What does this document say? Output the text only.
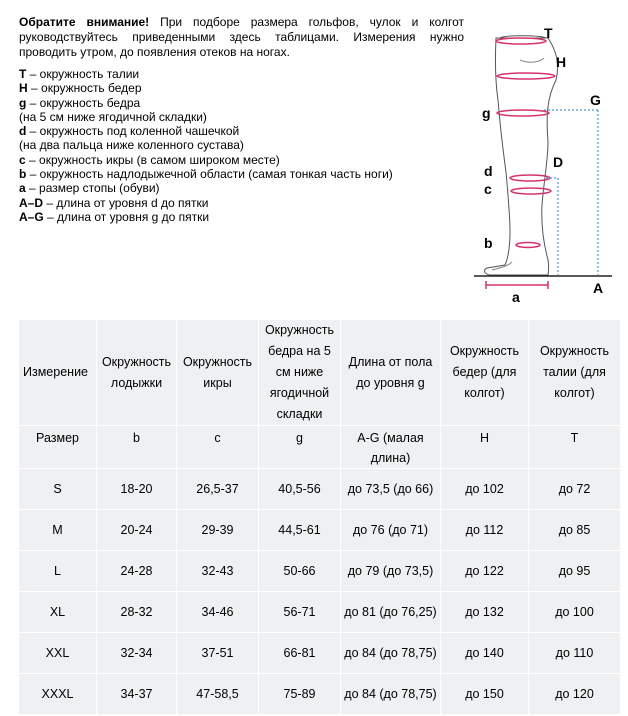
Обратите внимание! При подборе размера гольфов, чулок и колгот руководствуйтесь приведенными здесь таблицами. Измерения нужно проводить утром, до появления отеков на ногах.
T – окружность талии
H – окружность бедер
g – окружность бедра
(на 5 см ниже ягодичной складки)
d – окружность под коленной чашечкой
(на два пальца ниже коленного сустава)
c – окружность икры (в самом широком месте)
b – окружность надлодыжечной области (самая тонкая часть ноги)
a – размер стопы (обуви)
A–D – длина от уровня d до пятки
A–G – длина от уровня g до пятки
T
H
G
g
D
d
c
b
a
A
Измерение	Окружность лодыжки	Окружность икры	Окружность бедра на 5 см ниже ягодичной складки	Длина от пола до уровня g	Окружность бедер (для колгот)	Окружность талии (для колгот)
Размер	b	c	g	A-G (малая длина)	H	T
S	18-20	26,5-37	40,5-56	до 73,5 (до 66)	до 102	до 72
M	20-24	29-39	44,5-61	до 76 (до 71)	до 112	до 85
L	24-28	32-43	50-66	до 79 (до 73,5)	до 122	до 95
XL	28-32	34-46	56-71	до 81 (до 76,25)	до 132	до 100
XXL	32-34	37-51	66-81	до 84 (до 78,75)	до 140	до 110
XXXL	34-37	47-58,5	75-89	до 84 (до 78,75)	до 150	до 120
